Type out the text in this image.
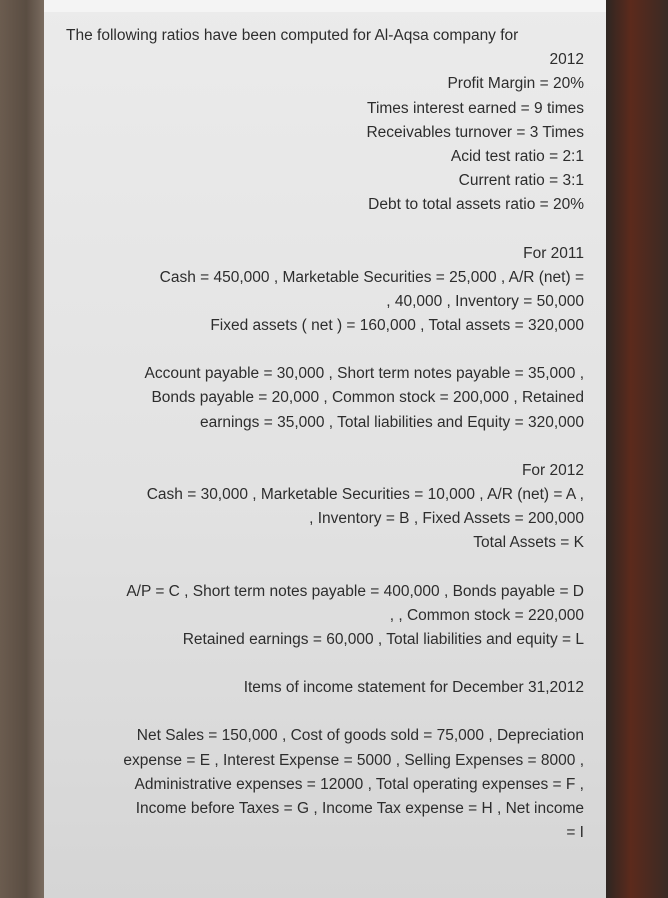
The following ratios have been computed for Al-Aqsa company for
2012
Profit Margin = 20%
Times interest earned = 9 times
Receivables turnover = 3 Times
Acid test ratio = 2:1
Current ratio = 3:1
Debt to total assets ratio = 20%
For 2011
Cash = 450,000 , Marketable Securities = 25,000 , A/R (net) =
, 40,000 , Inventory = 50,000
Fixed assets ( net ) = 160,000 , Total assets = 320,000
Account payable = 30,000 , Short term notes payable = 35,000 ,
Bonds payable = 20,000 , Common stock = 200,000 , Retained
earnings = 35,000 , Total liabilities and Equity = 320,000
For 2012
Cash = 30,000 , Marketable Securities = 10,000 , A/R (net) = A ,
, Inventory = B , Fixed Assets = 200,000
Total Assets = K
A/P = C , Short term notes payable = 400,000 , Bonds payable = D
, , Common stock = 220,000
Retained earnings = 60,000 , Total liabilities and equity = L
Items of income statement for December 31,2012
Net Sales = 150,000 , Cost of goods sold = 75,000 , Depreciation
expense = E , Interest Expense = 5000 , Selling Expenses = 8000 ,
Administrative expenses = 12000 , Total operating expenses = F ,
Income before Taxes = G , Income Tax expense = H , Net income
= I
